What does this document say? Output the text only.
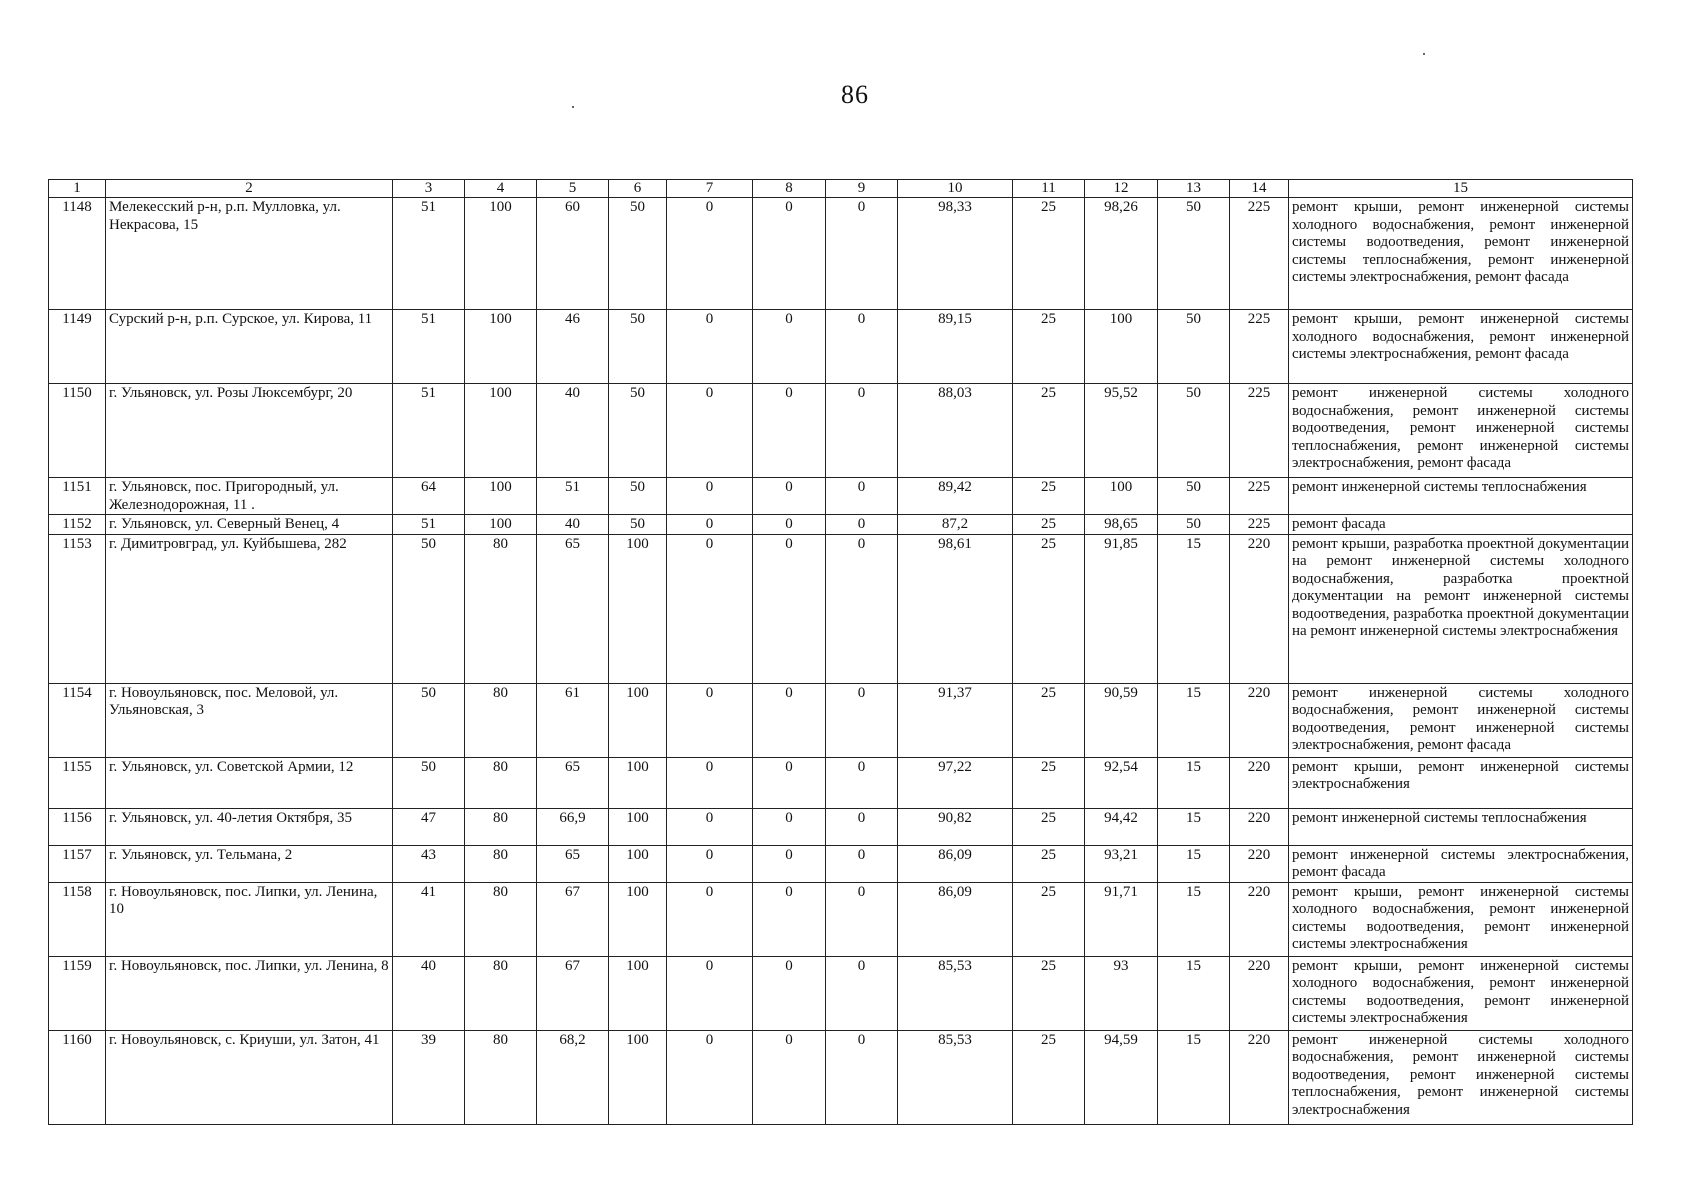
86
1	2	3	4	5	6	7	8	9	10	11	12	13	14	15
1148	Мелекесский р-н, р.п. Мулловка, ул. Некрасова, 15	51	100	60	50	0	0	0	98,33	25	98,26	50	225	ремонт крыши, ремонт инженерной системы холодного водоснабжения, ремонт инженерной системы водоотведения, ремонт инженерной системы теплоснабжения, ремонт инженерной системы электроснабжения, ремонт фасада
1149	Сурский р-н, р.п. Сурское, ул. Кирова, 11	51	100	46	50	0	0	0	89,15	25	100	50	225	ремонт крыши, ремонт инженерной системы холодного водоснабжения, ремонт инженерной системы электроснабжения, ремонт фасада
1150	г. Ульяновск, ул. Розы Люксембург, 20	51	100	40	50	0	0	0	88,03	25	95,52	50	225	ремонт инженерной системы холодного водоснабжения, ремонт инженерной системы водоотведения, ремонт инженерной системы теплоснабжения, ремонт инженерной системы электроснабжения, ремонт фасада
1151	г. Ульяновск, пос. Пригородный, ул. Железнодорожная, 11 .	64	100	51	50	0	0	0	89,42	25	100	50	225	ремонт инженерной системы теплоснабжения
1152	г. Ульяновск, ул. Северный Венец, 4	51	100	40	50	0	0	0	87,2	25	98,65	50	225	ремонт фасада
1153	г. Димитровград, ул. Куйбышева, 282	50	80	65	100	0	0	0	98,61	25	91,85	15	220	ремонт крыши, разработка проектной документации на ремонт инженерной системы холодного водоснабжения, разработка проектной документации на ремонт инженерной системы водоотведения, разработка проектной документации на ремонт инженерной системы электроснабжения
1154	г. Новоульяновск, пос. Меловой, ул. Ульяновская, 3	50	80	61	100	0	0	0	91,37	25	90,59	15	220	ремонт инженерной системы холодного водоснабжения, ремонт инженерной системы водоотведения, ремонт инженерной системы электроснабжения, ремонт фасада
1155	г. Ульяновск, ул. Советской Армии, 12	50	80	65	100	0	0	0	97,22	25	92,54	15	220	ремонт крыши, ремонт инженерной системы электроснабжения
1156	г. Ульяновск, ул. 40-летия Октября, 35	47	80	66,9	100	0	0	0	90,82	25	94,42	15	220	ремонт инженерной системы теплоснабжения
1157	г. Ульяновск, ул. Тельмана, 2	43	80	65	100	0	0	0	86,09	25	93,21	15	220	ремонт инженерной системы электроснабжения, ремонт фасада
1158	г. Новоульяновск, пос. Липки, ул. Ленина, 10	41	80	67	100	0	0	0	86,09	25	91,71	15	220	ремонт крыши, ремонт инженерной системы холодного водоснабжения, ремонт инженерной системы водоотведения, ремонт инженерной системы электроснабжения
1159	г. Новоульяновск, пос. Липки, ул. Ленина, 8	40	80	67	100	0	0	0	85,53	25	93	15	220	ремонт крыши, ремонт инженерной системы холодного водоснабжения, ремонт инженерной системы водоотведения, ремонт инженерной системы электроснабжения
1160	г. Новоульяновск, с. Криуши, ул. Затон, 41	39	80	68,2	100	0	0	0	85,53	25	94,59	15	220	ремонт инженерной системы холодного водоснабжения, ремонт инженерной системы водоотведения, ремонт инженерной системы теплоснабжения, ремонт инженерной системы электроснабжения
